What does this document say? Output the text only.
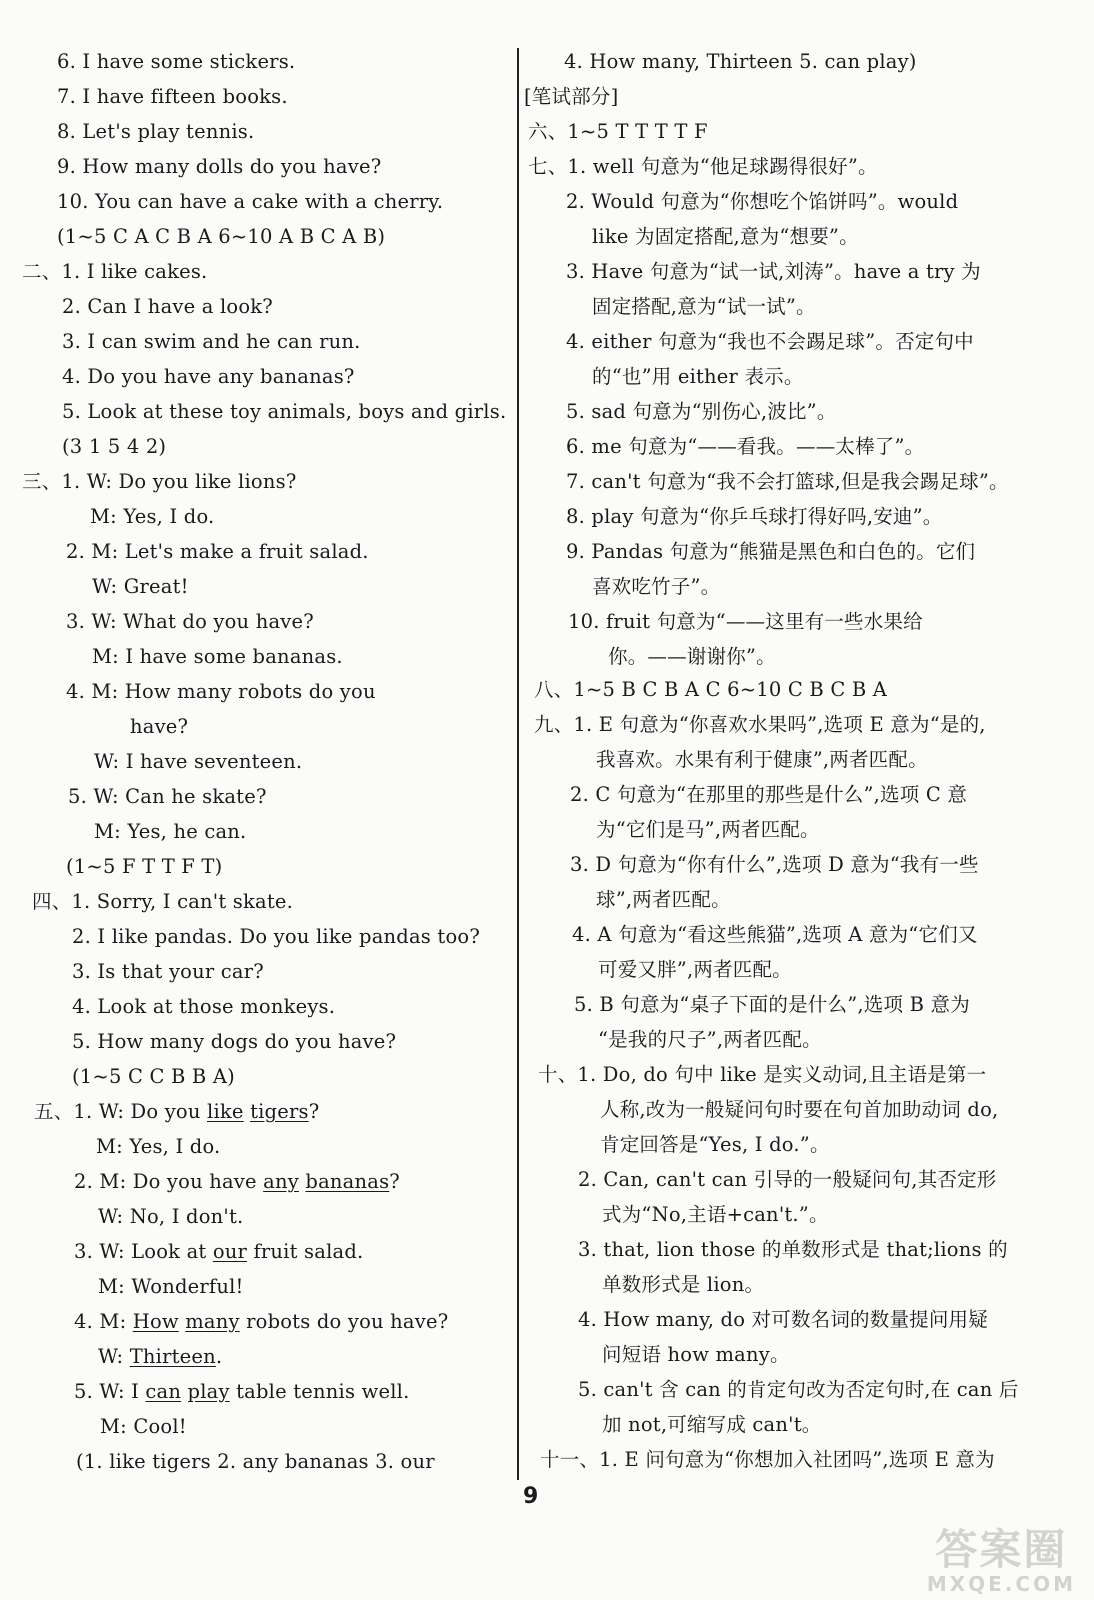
6. I have some stickers.
7. I have fifteen books.
8. Let's play tennis.
9. How many dolls do you have?
10. You can have a cake with a cherry.
(1~5 C A C B A 6~10 A B C A B)
二、1. I like cakes.
2. Can I have a look?
3. I can swim and he can run.
4. Do you have any bananas?
5. Look at these toy animals, boys and girls.
(3 1 5 4 2)
三、1. W: Do you like lions?
M: Yes, I do.
2. M: Let's make a fruit salad.
W: Great!
3. W: What do you have?
M: I have some bananas.
4. M: How many robots do you
have?
W: I have seventeen.
5. W: Can he skate?
M: Yes, he can.
(1~5 F T T F T)
四、1. Sorry, I can't skate.
2. I like pandas. Do you like pandas too?
3. Is that your car?
4. Look at those monkeys.
5. How many dogs do you have?
(1~5 C C B B A)
五、1. W: Do you like tigers?
M: Yes, I do.
2. M: Do you have any bananas?
W: No, I don't.
3. W: Look at our fruit salad.
M: Wonderful!
4. M: How many robots do you have?
W: Thirteen.
5. W: I can play table tennis well.
M: Cool!
(1. like tigers 2. any bananas 3. our
4. How many, Thirteen 5. can play)
[笔试部分]
六、1~5 T T T T F
七、1. well 句意为“他足球踢得很好”。
2. Would 句意为“你想吃个馅饼吗”。would
like 为固定搭配,意为“想要”。
3. Have 句意为“试一试,刘涛”。have a try 为
固定搭配,意为“试一试”。
4. either 句意为“我也不会踢足球”。否定句中
的“也”用 either 表示。
5. sad 句意为“别伤心,波比”。
6. me 句意为“——看我。——太棒了”。
7. can't 句意为“我不会打篮球,但是我会踢足球”。
8. play 句意为“你乒乓球打得好吗,安迪”。
9. Pandas 句意为“熊猫是黑色和白色的。它们
喜欢吃竹子”。
10. fruit 句意为“——这里有一些水果给
你。——谢谢你”。
八、1~5 B C B A C 6~10 C B C B A
九、1. E 句意为“你喜欢水果吗”,选项 E 意为“是的,
我喜欢。水果有利于健康”,两者匹配。
2. C 句意为“在那里的那些是什么”,选项 C 意
为“它们是马”,两者匹配。
3. D 句意为“你有什么”,选项 D 意为“我有一些
球”,两者匹配。
4. A 句意为“看这些熊猫”,选项 A 意为“它们又
可爱又胖”,两者匹配。
5. B 句意为“桌子下面的是什么”,选项 B 意为
“是我的尺子”,两者匹配。
十、1. Do, do 句中 like 是实义动词,且主语是第一
人称,改为一般疑问句时要在句首加助动词 do,
肯定回答是“Yes, I do.”。
2. Can, can't can 引导的一般疑问句,其否定形
式为“No,主语+can't.”。
3. that, lion those 的单数形式是 that;lions 的
单数形式是 lion。
4. How many, do 对可数名词的数量提问用疑
问短语 how many。
5. can't 含 can 的肯定句改为否定句时,在 can 后
加 not,可缩写成 can't。
十一、1. E 问句意为“你想加入社团吗”,选项 E 意为
9
答案圈
MXQE.COM
